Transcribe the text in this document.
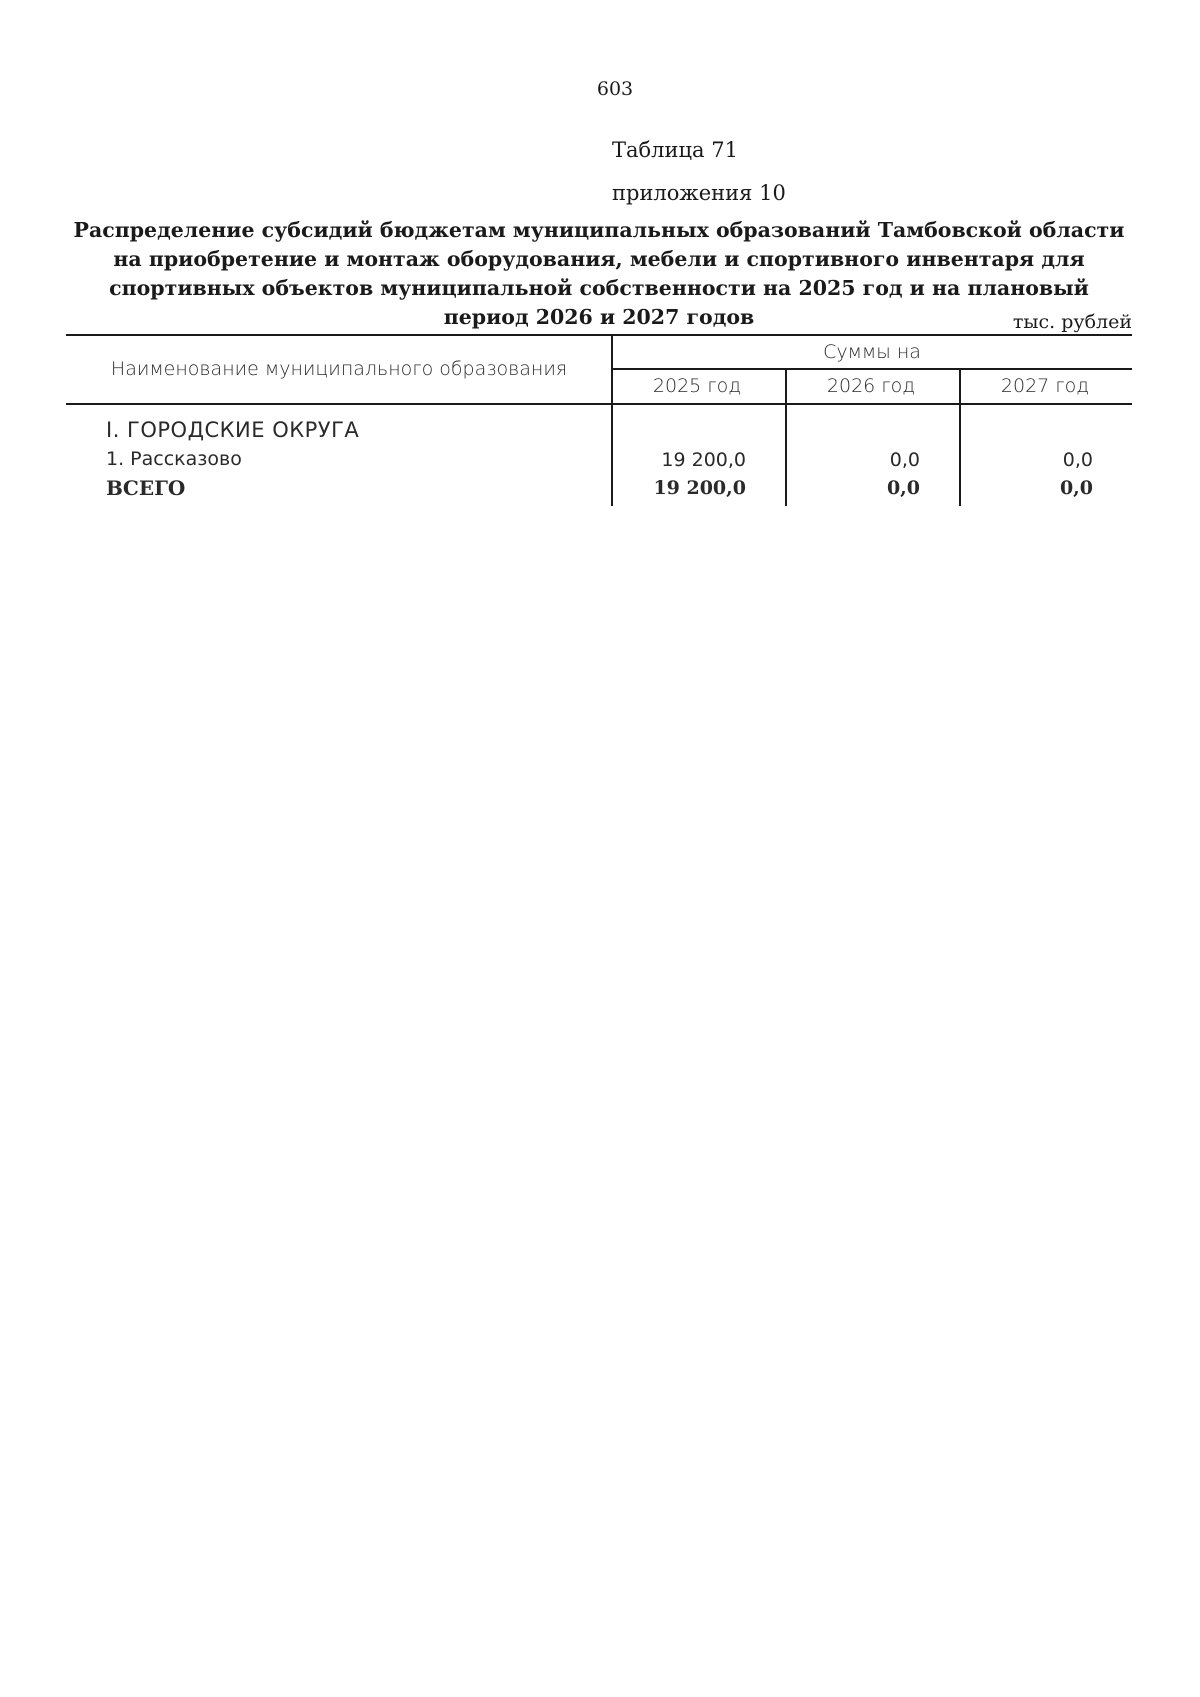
603
Таблица 71
приложения 10
Распределение субсидий бюджетам муниципальных образований Тамбовской области на приобретение и монтаж оборудования, мебели и спортивного инвентаря для спортивных объектов муниципальной собственности на 2025 год и на плановый период 2026 и 2027 годов	тыс. рублей
Наименование муниципального образования
Суммы на
2025 год	2026 год	2027 год
I. ГОРОДСКИЕ ОКРУГА
1. Рассказово	19 200,0	0,0	0,0
ВСЕГО	19 200,0	0,0	0,0
